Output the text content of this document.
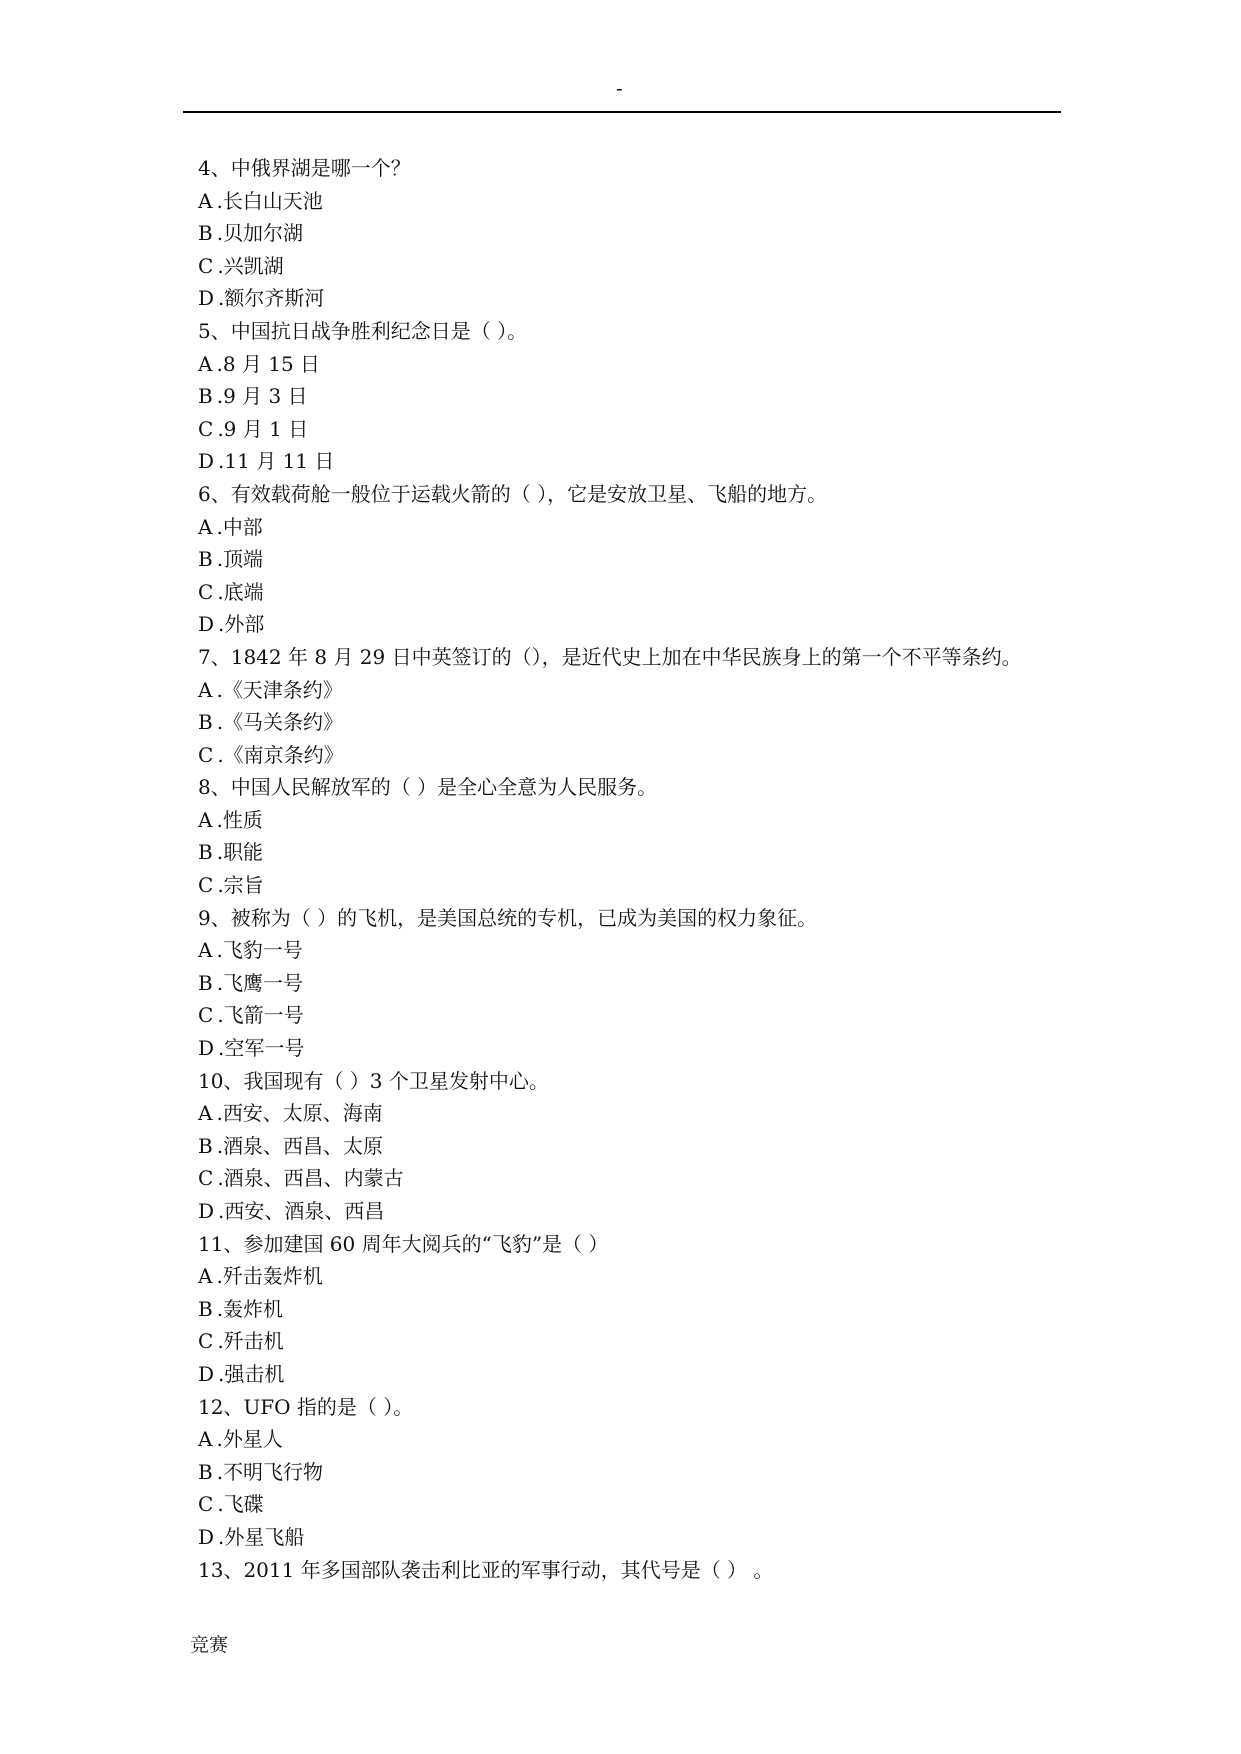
-
4、中俄界湖是哪一个？
A .长白山天池
B .贝加尔湖
C .兴凯湖
D .额尔齐斯河
5、中国抗日战争胜利纪念日是（ ）。
A .8 月 15 日
B .9 月 3 日
C .9 月 1 日
D .11 月 11 日
6、有效载荷舱一般位于运载火箭的（ ），它是安放卫星、飞船的地方。
A .中部
B .顶端
C .底端
D .外部
7、1842 年 8 月 29 日中英签订的（），是近代史上加在中华民族身上的第一个不平等条约。
A .《天津条约》
B .《马关条约》
C .《南京条约》
8、中国人民解放军的（ ）是全心全意为人民服务。
A .性质
B .职能
C .宗旨
9、被称为（ ）的飞机，是美国总统的专机，已成为美国的权力象征。
A .飞豹一号
B .飞鹰一号
C .飞箭一号
D .空军一号
10、我国现有（ ）3 个卫星发射中心。
A .西安、太原、海南
B .酒泉、西昌、太原
C .酒泉、西昌、内蒙古
D .西安、酒泉、西昌
11、参加建国 60 周年大阅兵的“飞豹”是（ ）
A .歼击轰炸机
B .轰炸机
C .歼击机
D .强击机
12、UFO 指的是（ ）。
A .外星人
B .不明飞行物
C .飞碟
D .外星飞船
13、2011 年多国部队袭击利比亚的军事行动，其代号是（ ） 。
竞赛
